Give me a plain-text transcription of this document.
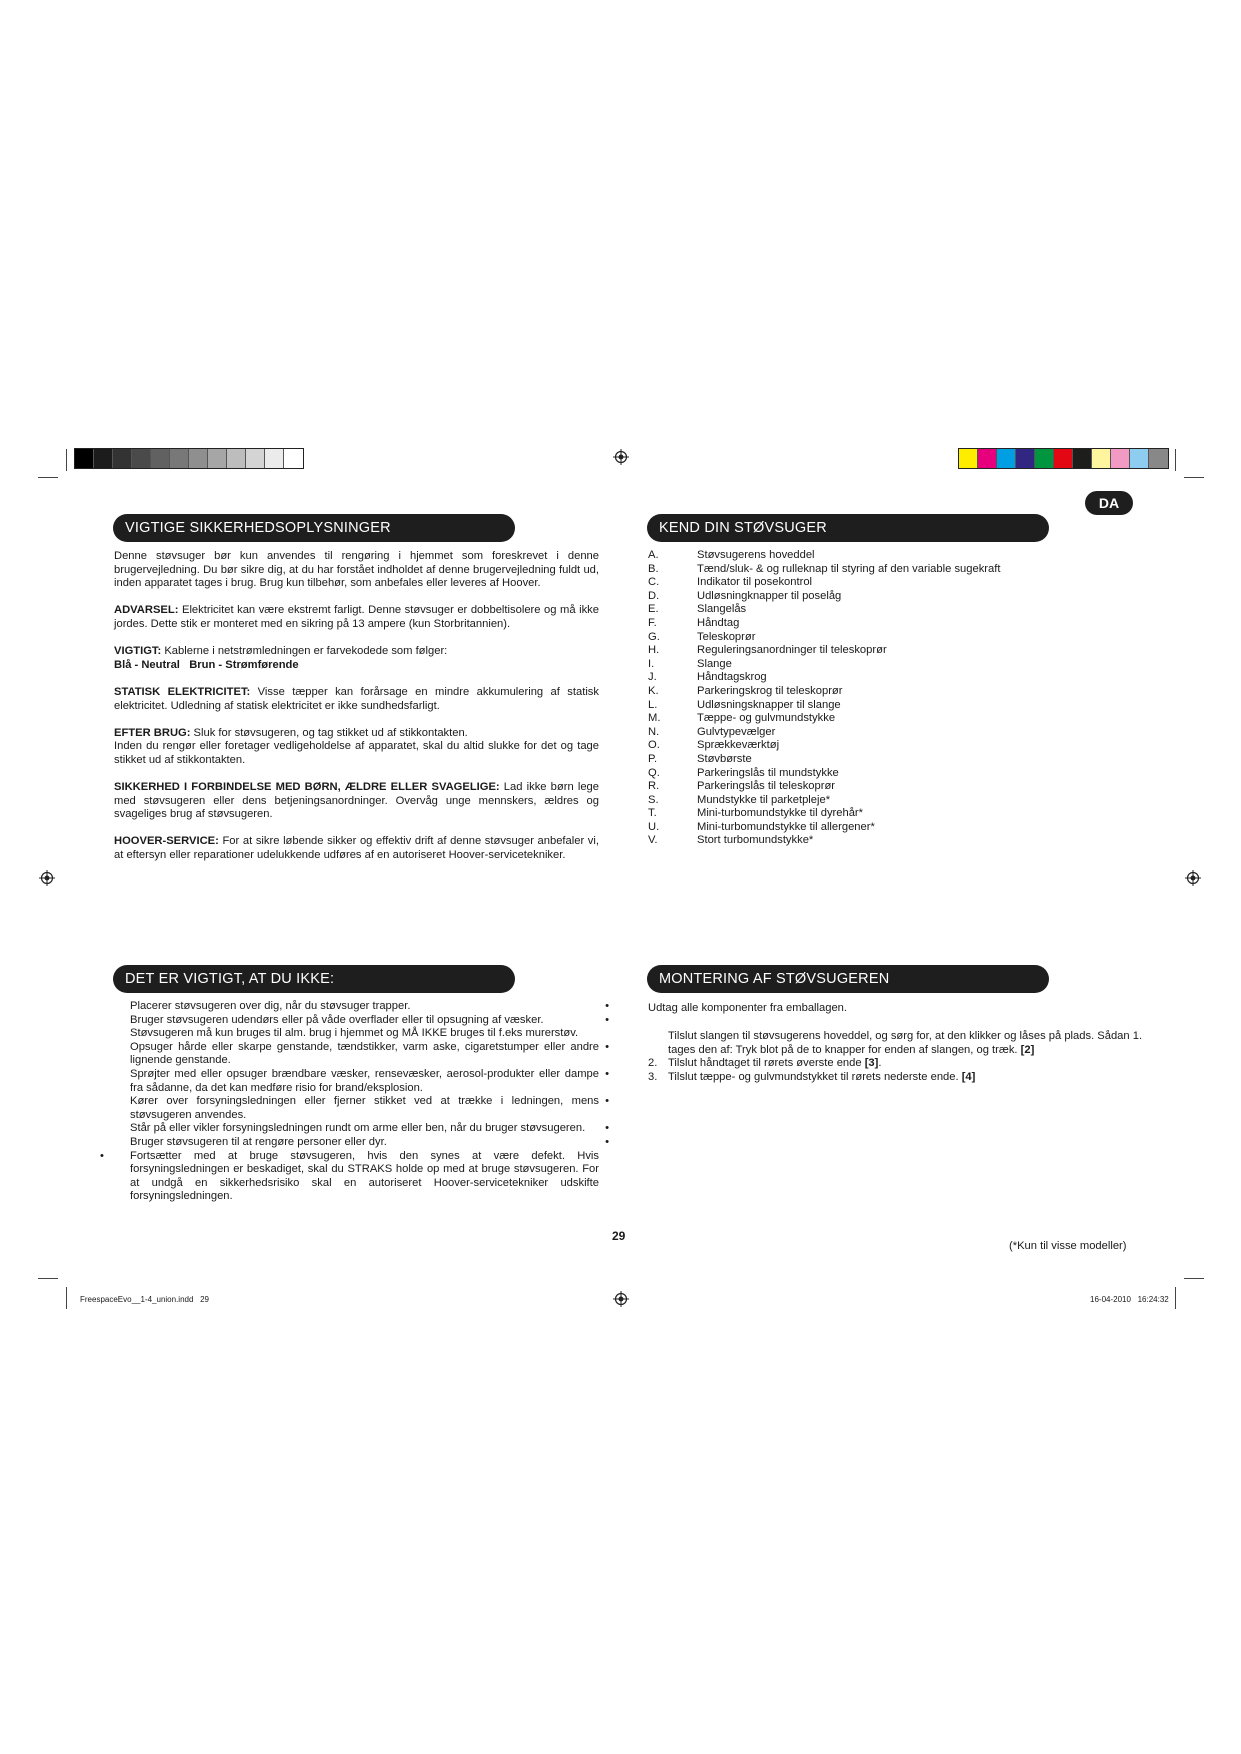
FreespaceEvo__1-4_union.indd   29	16-04-2010   16:24:32
DA
VIGTIGE SIKKERHEDSOPLYSNINGER

Denne støvsuger bør kun anvendes til rengøring i hjemmet som foreskrevet i denne brugervejledning. Du bør sikre dig, at du har forstået indholdet af denne brugervejledning fuldt ud, inden apparatet tages i brug. Brug kun tilbehør, som anbefales eller leveres af Hoover.

ADVARSEL: Elektricitet kan være ekstremt farligt. Denne støvsuger er dobbeltisolere og må ikke jordes. Dette stik er monteret med en sikring på 13 ampere (kun Storbritannien).

VIGTIGT: Kablerne i netstrømledningen er farvekodede som følger:

Blå - Neutral   Brun - Strømførende

STATISK ELEKTRICITET: Visse tæpper kan forårsage en mindre akkumulering af statisk elektricitet. Udledning af statisk elektricitet er ikke sundhedsfarligt.

EFTER BRUG: Sluk for støvsugeren, og tag stikket ud af stikkontakten.

Inden du rengør eller foretager vedligeholdelse af apparatet, skal du altid slukke for det og tage stikket ud af stikkontakten.

SIKKERHED I FORBINDELSE MED BØRN, ÆLDRE ELLER SVAGELIGE: Lad ikke børn lege med støvsugeren eller dens betjeningsanordninger. Overvåg unge mennskers, ældres og svageliges brug af støvsugeren.

HOOVER-SERVICE: For at sikre løbende sikker og effektiv drift af denne støvsuger anbefaler vi, at eftersyn eller reparationer udelukkende udføres af en autoriseret Hoover-servicetekniker.

DET ER VIGTIGT, AT DU IKKE:
Placerer støvsugeren over dig, når du støvsuger trapper.	•
Bruger støvsugeren udendørs eller på våde overflader eller til opsugning af væsker.	•
Støvsugeren må kun bruges til alm. brug i hjemmet og MÅ IKKE bruges til f.eks murerstøv.
Opsuger hårde eller skarpe genstande, tændstikker, varm aske, cigaretstumper eller andre lignende genstande.
•
Sprøjter med eller opsuger brændbare væsker, rensevæsker, aerosol-produkter eller dampe fra sådanne, da det kan medføre risio for brand/eksplosion.
•
Kører over forsyningsledningen eller fjerner stikket ved at trække i ledningen, mens støvsugeren anvendes.
•
Står på eller vikler forsyningsledningen rundt om arme eller ben, når du bruger støvsugeren. •
Bruger støvsugeren til at rengøre personer eller dyr.	•
• Fortsætter med at bruge støvsugeren, hvis den synes at være defekt. Hvis forsyningsledningen er beskadiget, skal du STRAKS holde op med at bruge støvsugeren. For at undgå en sikkerhedsrisiko skal en autoriseret Hoover-servicetekniker udskifte forsyningsledningen.
29
KEND DIN STØVSUGER
A.	Støvsugerens hoveddel
B.	Tænd/sluk- & og rulleknap til styring af den variable sugekraft
C.	Indikator til posekontrol
D.	Udløsningknapper til poselåg
E.	Slangelås
F.	Håndtag
G.	Teleskoprør
H.	Reguleringsanordninger til teleskoprør
I.	Slange
J.	Håndtagskrog
K.	Parkeringskrog til teleskoprør
L.	Udløsningsknapper til slange
M.	Tæppe- og gulvmundstykke
N.	Gulvtypevælger
O.	Sprækkeværktøj
P.	Støvbørste
Q.	Parkeringslås til mundstykke
R.	Parkeringslås til teleskoprør
S.	Mundstykke til parketpleje*
T.	Mini-turbomundstykke til dyrehår*
U.	Mini-turbomundstykke til allergener*
V.	Stort turbomundstykke*
MONTERING AF STØVSUGEREN
Udtag alle komponenter fra emballagen.
Tilslut slangen til støvsugerens hoveddel, og sørg for, at den klikker og låses på plads. Sådan 1. tages den af: Tryk blot på de to knapper for enden af slangen, og træk. [2]
2. Tilslut håndtaget til rørets øverste ende [3].
3. Tilslut tæppe- og gulvmundstykket til rørets nederste ende. [4]
(*Kun til visse modeller)
